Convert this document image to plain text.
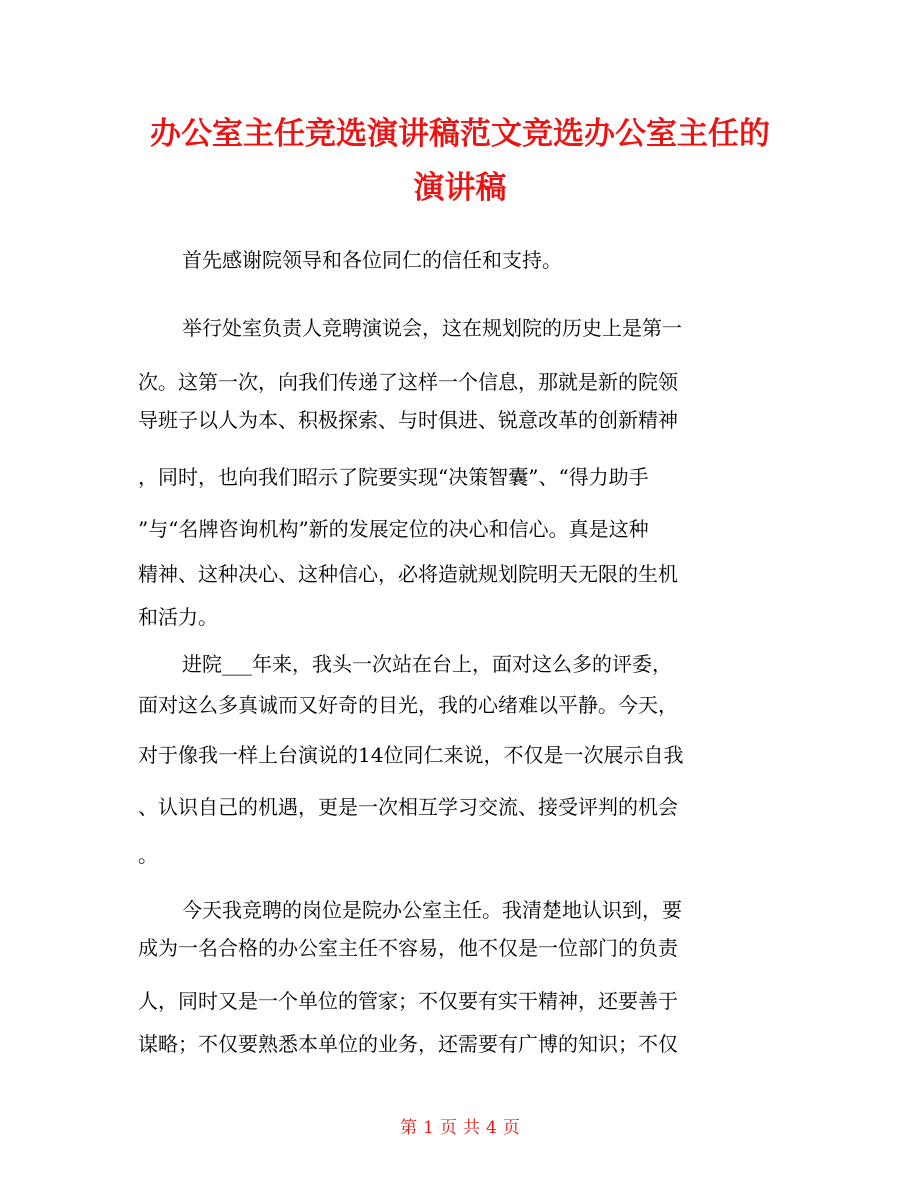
办公室主任竞选演讲稿范文竞选办公室主任的
演讲稿
首先感谢院领导和各位同仁的信任和支持。
举行处室负责人竞聘演说会，这在规划院的历史上是第一
次。这第一次，向我们传递了这样一个信息，那就是新的院领
导班子以人为本、积极探索、与时俱进、锐意改革的创新精神
，同时，也向我们昭示了院要实现“决策智囊”、“得力助手
”与“名牌咨询机构”新的发展定位的决心和信心。真是这种
精神、这种决心、这种信心，必将造就规划院明天无限的生机
和活力。
进院___年来，我头一次站在台上，面对这么多的评委，
面对这么多真诚而又好奇的目光，我的心绪难以平静。今天，
对于像我一样上台演说的14位同仁来说，不仅是一次展示自我
、认识自己的机遇，更是一次相互学习交流、接受评判的机会
。
今天我竞聘的岗位是院办公室主任。我清楚地认识到，要
成为一名合格的办公室主任不容易，他不仅是一位部门的负责
人，同时又是一个单位的管家；不仅要有实干精神，还要善于
谋略；不仅要熟悉本单位的业务，还需要有广博的知识；不仅
第 1 页 共 4 页
